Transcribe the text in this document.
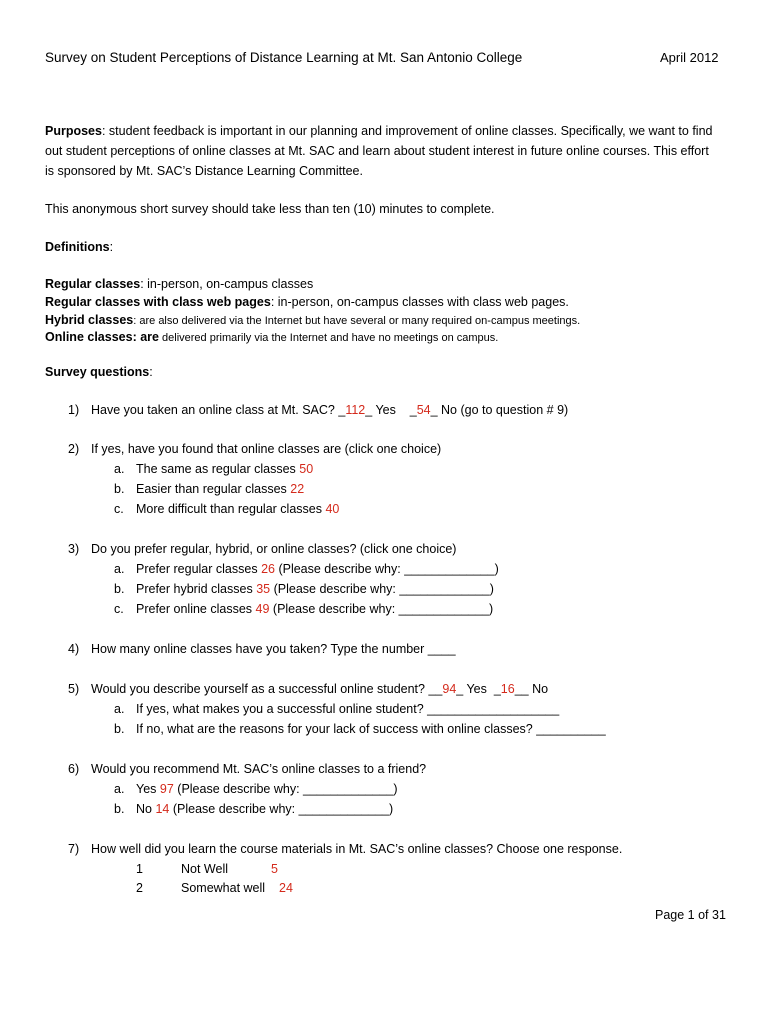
Survey on Student Perceptions of Distance Learning at Mt. San Antonio College	April 2012
Purposes: student feedback is important in our planning and improvement of online classes. Specifically, we want to find
out student perceptions of online classes at Mt. SAC and learn about student interest in future online courses. This effort
is sponsored by Mt. SAC’s Distance Learning Committee.
This anonymous short survey should take less than ten (10) minutes to complete.
Definitions:
Regular classes: in-person, on-campus classes
Regular classes with class web pages: in-person, on-campus classes with class web pages.
Hybrid classes: are also delivered via the Internet but have several or many required on-campus meetings.
Online classes: are delivered primarily via the Internet and have no meetings on campus.
Survey questions:
1) Have you taken an online class at Mt. SAC? _112_ Yes    _54_ No (go to question # 9)
2) If yes, have you found that online classes are (click one choice)
a. The same as regular classes 50
b. Easier than regular classes 22
c. More difficult than regular classes 40
3) Do you prefer regular, hybrid, or online classes? (click one choice)
a. Prefer regular classes 26 (Please describe why: _____________)
b. Prefer hybrid classes 35 (Please describe why: _____________)
c. Prefer online classes 49 (Please describe why: _____________)
4) How many online classes have you taken? Type the number ____
5) Would you describe yourself as a successful online student? __94_ Yes  _16__ No
a. If yes, what makes you a successful online student? ___________________
b. If no, what are the reasons for your lack of success with online classes? __________
6) Would you recommend Mt. SAC’s online classes to a friend?
a. Yes 97 (Please describe why: _____________)
b. No 14 (Please describe why: _____________)
7) How well did you learn the course materials in Mt. SAC’s online classes? Choose one response.
1	Not Well	5
2	Somewhat well 24
Page 1 of 31
